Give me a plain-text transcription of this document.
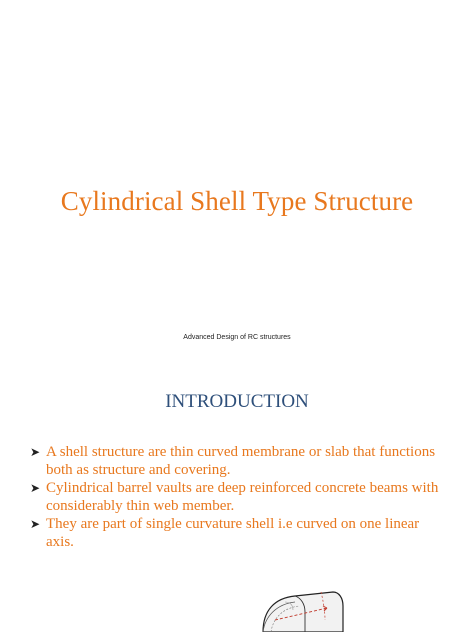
Cylindrical Shell Type Structure

Advanced Design of RC structures

INTRODUCTION
➤ A shell structure are thin curved membrane or slab that functions both as structure and covering.
➤ Cylindrical barrel vaults are deep reinforced concrete beams with considerably thin web member.
➤ They are part of single curvature shell i.e curved on one linear axis.
